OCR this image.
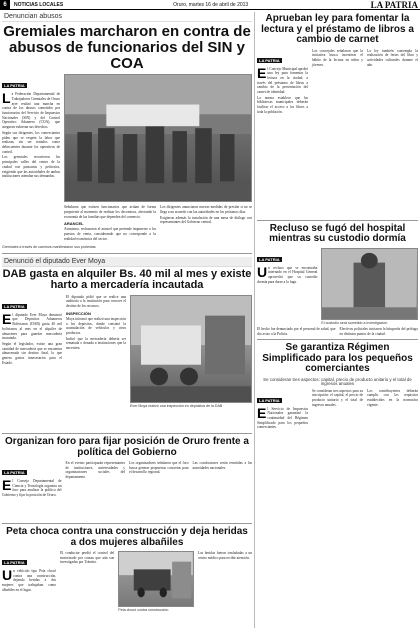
6	NOTICIAS LOCALES	Oruro, martes 16 de abril de 2013	LA PATRIA
Denuncian abusos
Gremiales marcharon en contra de abusos de funcionarios del SIN y COA
LA PATRIA

La Federación Departamental de Trabajadores Gremiales de Oruro ayer realizó una marcha en contra de los abusos cometidos por funcionarios del Servicio de Impuestos Nacionales (SIN) y del Control Operativo Aduanero (COA), que aseguran vulneran sus derechos.

Según sus dirigentes, los comerciantes piden que se respete la labor que realizan, sin ser tratados como delincuentes durante los operativos de control.

Los gremiales recorrieron las principales calles del centro de la ciudad con pancartas y petitorios, exigiendo que las autoridades de ambas instituciones atiendan sus demandas.

Señalaron que existen funcionarios que actúan de forma prepotente al momento de realizar los decomisos, afectando la economía de las familias que dependen del comercio.

ARANCEL

Asimismo, rechazaron el arancel que pretende imponerse a los puestos de venta, considerando que no corresponde a la realidad económica del sector.

Los dirigentes anunciaron nuevas medidas de presión si no se llega a un acuerdo con las autoridades en los próximos días.

Exigieron además la instalación de una mesa de diálogo con representantes del Gobierno central.

Gremiales a través de caminos manifestaron sus protestas
Denunció el diputado Ever Moya
DAB gasta en alquiler Bs. 40 mil al mes y existe harto a mercadería incautada
LA PATRIA

El diputado Ever Moya denunció que Depósitos Aduaneros Bolivianos (DAB) gasta 40 mil bolivianos al mes en el alquiler de almacenes para guardar mercadería incautada.

Según el legislador, existe una gran cantidad de mercadería que se encuentra almacenada sin destino final, lo que genera gastos innecesarios para el Estado.

El diputado pidió que se realice una auditoría a la institución para conocer el destino de los recursos.

INSPECCIÓN

Moya informó que realizó una inspección a los depósitos, donde constató la acumulación de vehículos y otros productos.

Indicó que la mercadería debería ser rematada o donada a instituciones que la necesiten.

Ever Moya realizó una inspección en depósitos de la DAB
Organizan foro para fijar posición de Oruro frente a política del Gobierno
LA PATRIA

El Consejo Departamental de Ciencia y Tecnología organiza un foro para analizar la política del Gobierno y fijar la posición de Oruro.

En el evento participarán representantes de instituciones, universidades y organizaciones sociales del departamento.

Los organizadores señalaron que el foro busca generar propuestas concretas para el desarrollo regional.

Las conclusiones serán remitidas a las autoridades nacionales.

Peta choca contra una construcción y deja heridas a dos mujeres albañiles
LA PATRIA

Un vehículo tipo Peta chocó contra una construcción, dejando heridas a dos mujeres que trabajaban como albañiles en el lugar.

El conductor perdió el control del motorizado por causas que aún son investigadas por Tránsito.

Peta chocó contra construcción

Las heridas fueron trasladadas a un centro médico para recibir atención.

Aprueban ley para fomentar la lectura y el préstamo de libros a cambio de carnet
LA PATRIA

El Concejo Municipal aprobó una ley para fomentar la lectura en la ciudad, a través del préstamo de libros a cambio de la presentación del carnet de identidad.

La norma establece que las bibliotecas municipales deberán facilitar el acceso a los libros a toda la población.

Los concejales señalaron que la iniciativa busca incentivar el hábito de la lectura en niños y jóvenes.

La ley también contempla la realización de ferias del libro y actividades culturales durante el año.

Recluso se fugó del hospital mientras su custodio dormía
LA PATRIA

Un recluso que se encontraba internado en el Hospital General aprovechó que su custodio dormía para darse a la fuga.

El custodio será sometido a investigación

El hecho fue denunciado por el personal de salud, que dio aviso a la Policía.

Efectivos policiales iniciaron la búsqueda del prófugo en distintos puntos de la ciudad.

Se garantiza Régimen Simplificado para los pequeños comerciantes
Se consideran tres aspectos: capital, precio de producto unitario y el total de ingresos anuales
LA PATRIA

El Servicio de Impuestos Nacionales garantizó la continuidad del Régimen Simplificado para los pequeños comerciantes.

Se consideran tres aspectos para su inscripción: el capital, el precio de producto unitario y el total de ingresos anuales.

Los contribuyentes deberán cumplir con los requisitos establecidos en la normativa vigente.
